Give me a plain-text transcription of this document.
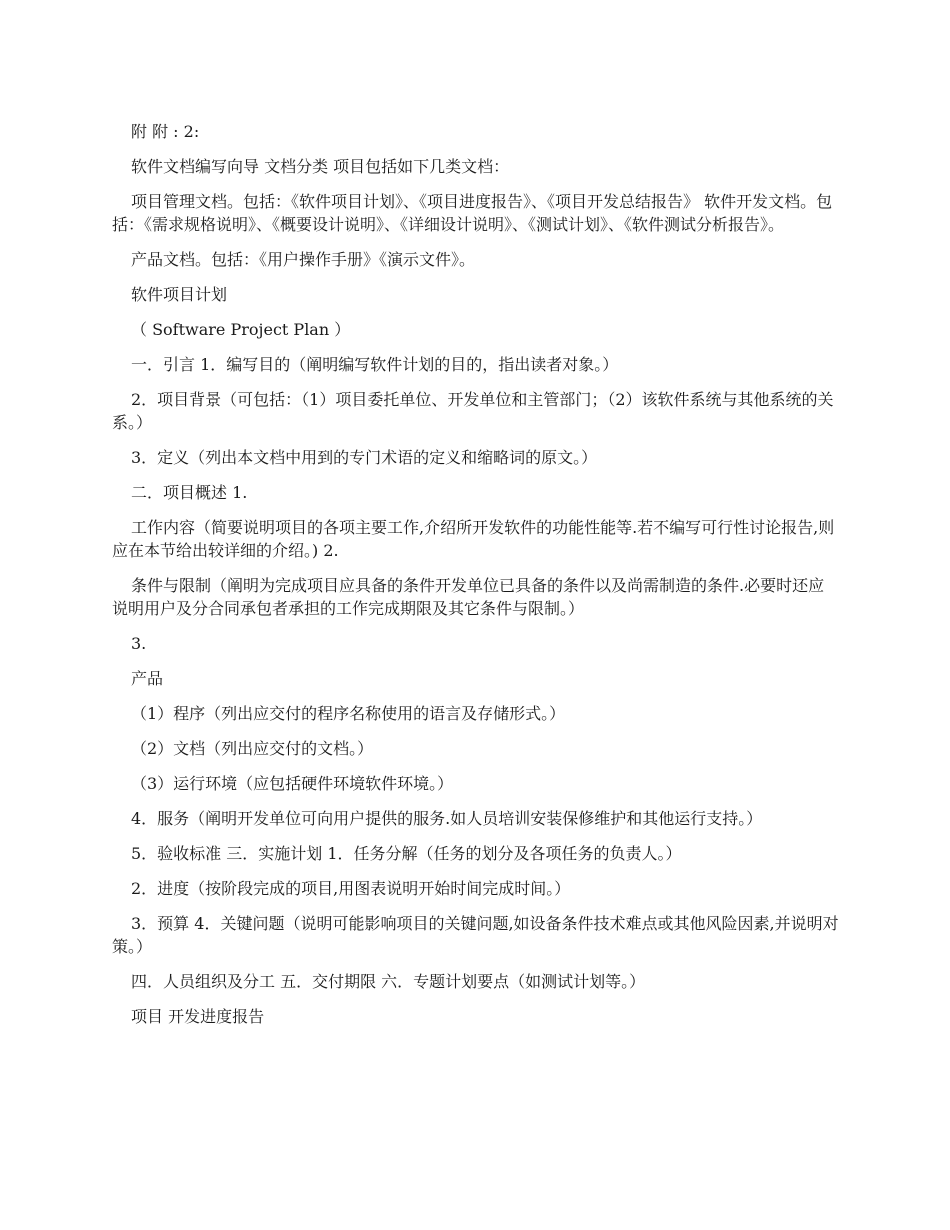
附 附 : 2:

软件文档编写向导 文档分类 项目包括如下几类文档：

项目管理文档。包括：《软件项目计划》、《项目进度报告》、《项目开发总结报告》 软件开发文档。包括：《需求规格说明》、《概要设计说明》、《详细设计说明》、《测试计划》、《软件测试分析报告》。

产品文档。包括：《用户操作手册》《演示文件》。

软件项目计划

（ Software Project Plan ）

一．引言 1．编写目的（阐明编写软件计划的目的，指出读者对象。）

2．项目背景（可包括：（1）项目委托单位、开发单位和主管部门；（2）该软件系统与其他系统的关系。）

3．定义（列出本文档中用到的专门术语的定义和缩略词的原文。）

二．项目概述 1.

工作内容（简要说明项目的各项主要工作,介绍所开发软件的功能性能等.若不编写可行性讨论报告,则应在本节给出较详细的介绍。) 2.

条件与限制（阐明为完成项目应具备的条件开发单位已具备的条件以及尚需制造的条件.必要时还应说明用户及分合同承包者承担的工作完成期限及其它条件与限制。）

3.

产品

（1）程序（列出应交付的程序名称使用的语言及存储形式。）

（2）文档（列出应交付的文档。）

（3）运行环境（应包括硬件环境软件环境。）

4．服务（阐明开发单位可向用户提供的服务.如人员培训安装保修维护和其他运行支持。）

5．验收标准 三．实施计划 1．任务分解（任务的划分及各项任务的负责人。）

2．进度（按阶段完成的项目,用图表说明开始时间完成时间。）

3．预算 4．关键问题（说明可能影响项目的关键问题,如设备条件技术难点或其他风险因素,并说明对策。）

四．人员组织及分工 五．交付期限 六．专题计划要点（如测试计划等。）

项目 开发进度报告
